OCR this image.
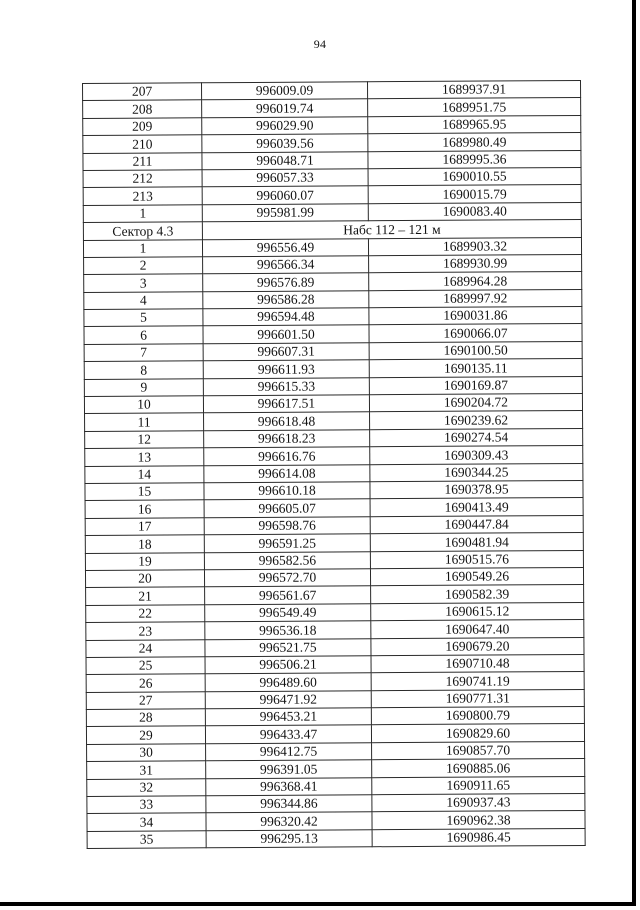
94
207	996009.09	1689937.91
208	996019.74	1689951.75
209	996029.90	1689965.95
210	996039.56	1689980.49
211	996048.71	1689995.36
212	996057.33	1690010.55
213	996060.07	1690015.79
1	995981.99	1690083.40
Сектор 4.3	Набс 112 – 121 м	
1	996556.49	1689903.32
2	996566.34	1689930.99
3	996576.89	1689964.28
4	996586.28	1689997.92
5	996594.48	1690031.86
6	996601.50	1690066.07
7	996607.31	1690100.50
8	996611.93	1690135.11
9	996615.33	1690169.87
10	996617.51	1690204.72
11	996618.48	1690239.62
12	996618.23	1690274.54
13	996616.76	1690309.43
14	996614.08	1690344.25
15	996610.18	1690378.95
16	996605.07	1690413.49
17	996598.76	1690447.84
18	996591.25	1690481.94
19	996582.56	1690515.76
20	996572.70	1690549.26
21	996561.67	1690582.39
22	996549.49	1690615.12
23	996536.18	1690647.40
24	996521.75	1690679.20
25	996506.21	1690710.48
26	996489.60	1690741.19
27	996471.92	1690771.31
28	996453.21	1690800.79
29	996433.47	1690829.60
30	996412.75	1690857.70
31	996391.05	1690885.06
32	996368.41	1690911.65
33	996344.86	1690937.43
34	996320.42	1690962.38
35	996295.13	1690986.45
